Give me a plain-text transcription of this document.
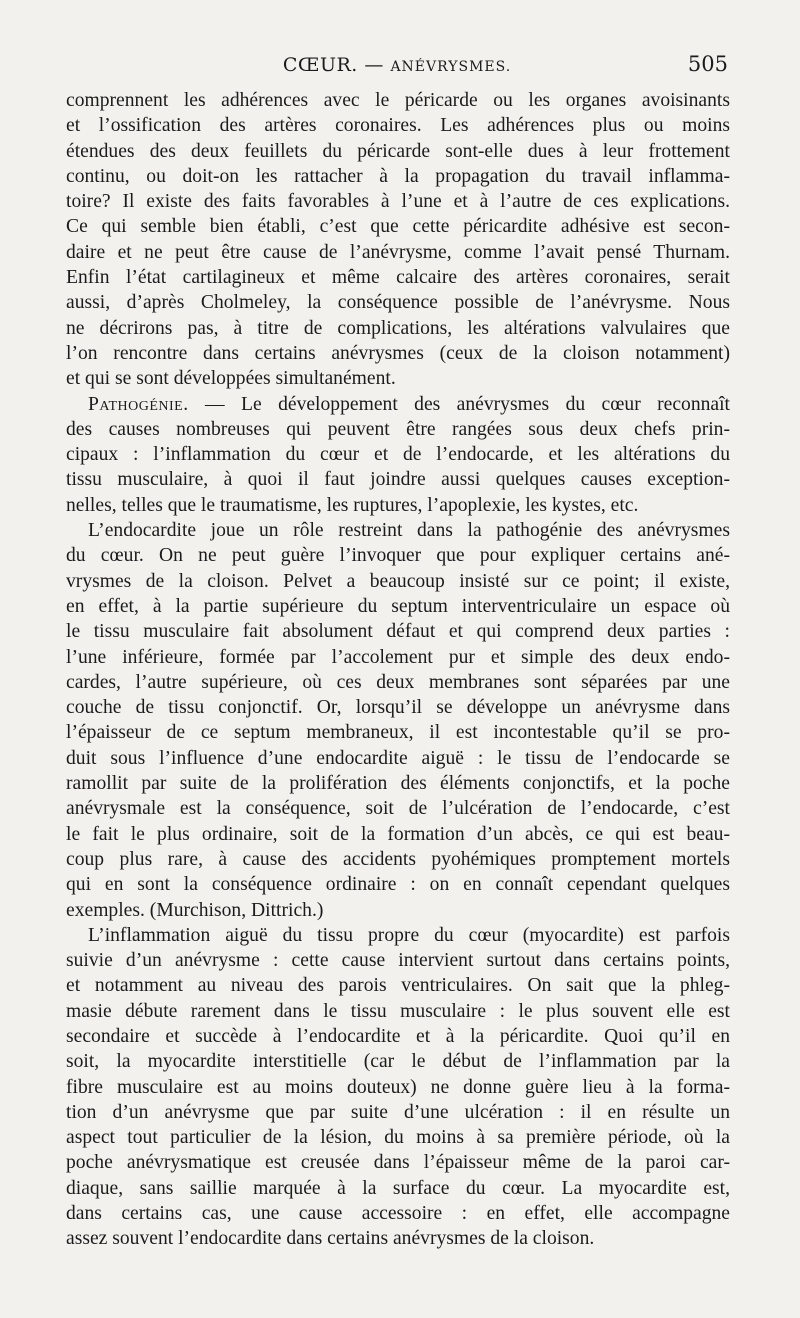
CŒUR. — ANÉVRYSMES.	505
comprennent les adhérences avec le péricarde ou les organes avoisinants
et l’ossification des artères coronaires. Les adhérences plus ou moins
étendues des deux feuillets du péricarde sont-elle dues à leur frottement
continu, ou doit-on les rattacher à la propagation du travail inflamma-
toire? Il existe des faits favorables à l’une et à l’autre de ces explications.
Ce qui semble bien établi, c’est que cette péricardite adhésive est secon-
daire et ne peut être cause de l’anévrysme, comme l’avait pensé Thurnam.
Enfin l’état cartilagineux et même calcaire des artères coronaires, serait
aussi, d’après Cholmeley, la conséquence possible de l’anévrysme. Nous
ne décrirons pas, à titre de complications, les altérations valvulaires que
l’on rencontre dans certains anévrysmes (ceux de la cloison notamment)
et qui se sont développées simultanément.
Pathogénie. — Le développement des anévrysmes du cœur reconnaît
des causes nombreuses qui peuvent être rangées sous deux chefs prin-
cipaux : l’inflammation du cœur et de l’endocarde, et les altérations du
tissu musculaire, à quoi il faut joindre aussi quelques causes exception-
nelles, telles que le traumatisme, les ruptures, l’apoplexie, les kystes, etc.
L’endocardite joue un rôle restreint dans la pathogénie des anévrysmes
du cœur. On ne peut guère l’invoquer que pour expliquer certains ané-
vrysmes de la cloison. Pelvet a beaucoup insisté sur ce point; il existe,
en effet, à la partie supérieure du septum interventriculaire un espace où
le tissu musculaire fait absolument défaut et qui comprend deux parties :
l’une inférieure, formée par l’accolement pur et simple des deux endo-
cardes, l’autre supérieure, où ces deux membranes sont séparées par une
couche de tissu conjonctif. Or, lorsqu’il se développe un anévrysme dans
l’épaisseur de ce septum membraneux, il est incontestable qu’il se pro-
duit sous l’influence d’une endocardite aiguë : le tissu de l’endocarde se
ramollit par suite de la prolifération des éléments conjonctifs, et la poche
anévrysmale est la conséquence, soit de l’ulcération de l’endocarde, c’est
le fait le plus ordinaire, soit de la formation d’un abcès, ce qui est beau-
coup plus rare, à cause des accidents pyohémiques promptement mortels
qui en sont la conséquence ordinaire : on en connaît cependant quelques
exemples. (Murchison, Dittrich.)
L’inflammation aiguë du tissu propre du cœur (myocardite) est parfois
suivie d’un anévrysme : cette cause intervient surtout dans certains points,
et notamment au niveau des parois ventriculaires. On sait que la phleg-
masie débute rarement dans le tissu musculaire : le plus souvent elle est
secondaire et succède à l’endocardite et à la péricardite. Quoi qu’il en
soit, la myocardite interstitielle (car le début de l’inflammation par la
fibre musculaire est au moins douteux) ne donne guère lieu à la forma-
tion d’un anévrysme que par suite d’une ulcération : il en résulte un
aspect tout particulier de la lésion, du moins à sa première période, où la
poche anévrysmatique est creusée dans l’épaisseur même de la paroi car-
diaque, sans saillie marquée à la surface du cœur. La myocardite est,
dans certains cas, une cause accessoire : en effet, elle accompagne
assez souvent l’endocardite dans certains anévrysmes de la cloison.
